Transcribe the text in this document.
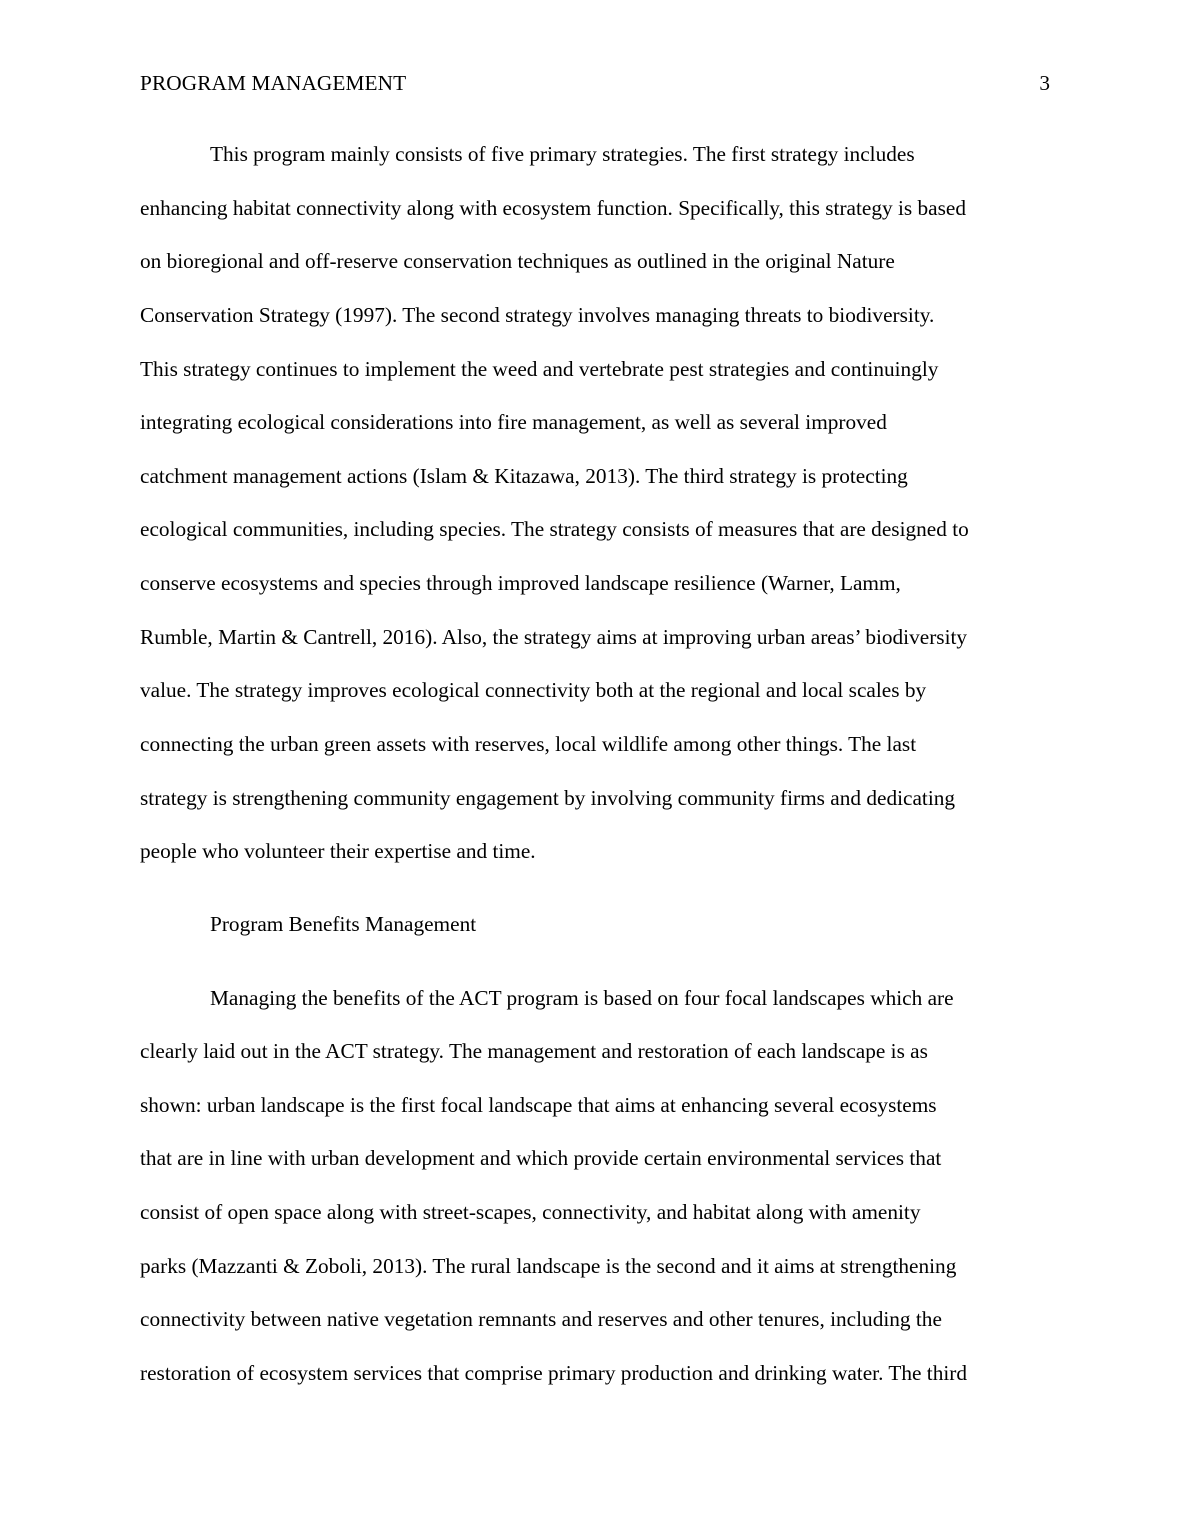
PROGRAM MANAGEMENT	3
This program mainly consists of five primary strategies. The first strategy includes
enhancing habitat connectivity along with ecosystem function. Specifically, this strategy is based
on bioregional and off-reserve conservation techniques as outlined in the original Nature
Conservation Strategy (1997). The second strategy involves managing threats to biodiversity.
This strategy continues to implement the weed and vertebrate pest strategies and continuingly
integrating ecological considerations into fire management, as well as several improved
catchment management actions (Islam & Kitazawa, 2013). The third strategy is protecting
ecological communities, including species. The strategy consists of measures that are designed to
conserve ecosystems and species through improved landscape resilience (Warner, Lamm,
Rumble, Martin & Cantrell, 2016). Also, the strategy aims at improving urban areas’ biodiversity
value. The strategy improves ecological connectivity both at the regional and local scales by
connecting the urban green assets with reserves, local wildlife among other things. The last
strategy is strengthening community engagement by involving community firms and dedicating
people who volunteer their expertise and time.
Program Benefits Management
Managing the benefits of the ACT program is based on four focal landscapes which are
clearly laid out in the ACT strategy. The management and restoration of each landscape is as
shown: urban landscape is the first focal landscape that aims at enhancing several ecosystems
that are in line with urban development and which provide certain environmental services that
consist of open space along with street-scapes, connectivity, and habitat along with amenity
parks (Mazzanti & Zoboli, 2013). The rural landscape is the second and it aims at strengthening
connectivity between native vegetation remnants and reserves and other tenures, including the
restoration of ecosystem services that comprise primary production and drinking water. The third
